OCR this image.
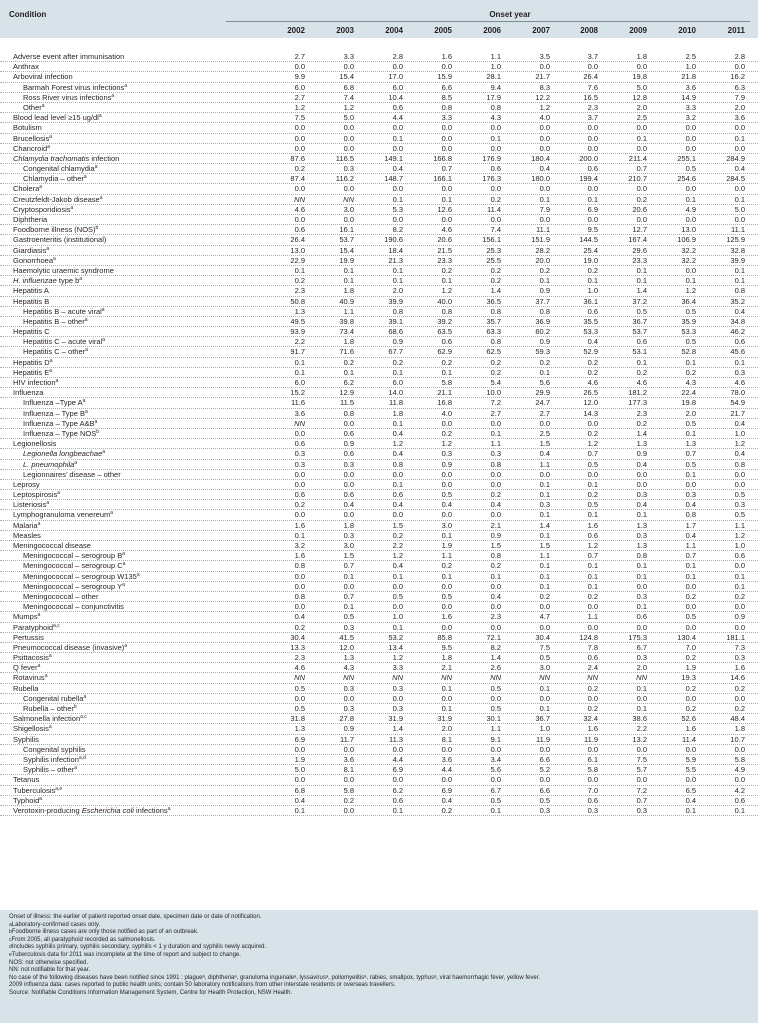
Condition	Onset year
2002	2003	2004	2005	2006	2007	2008	2009	2010	2011
Adverse event after immunisation	2.7	3.3	2.8	1.6	1.1	3.5	3.7	1.8	2.5	2.8
Anthrax	0.0	0.0	0.0	0.0	1.0	0.0	0.0	0.0	1.0	0.0
Arboviral infection	9.9	15.4	17.0	15.9	28.1	21.7	26.4	19.8	21.8	16.2
Barmah Forest virus infections$^a$	6.0	6.8	6.0	6.6	9.4	8.3	7.6	5.0	3.6	6.3
Ross River virus infections$^a$	2.7	7.4	10.4	8.5	17.9	12.2	16.5	12.8	14.9	7.9
Other$^a$	1.2	1.2	0.6	0.8	0.8	1.2	2.3	2.0	3.3	2.0
Blood lead level ≥15 $ug/dl^a$	7.5	5.0	4.4	3.3	4.3	4.0	3.7	2.5	3.2	3.6
Botulism	0.0	0.0	0.0	0.0	0.0	0.0	0.0	0.0	0.0	0.0
Brucellosis$^a$	0.0	0.0	0.1	0.0	0.1	0.0	0.0	0.1	0.0	0.1
Chancroid$^a$	0.0	0.0	0.0	0.0	0.0	0.0	0.0	0.0	0.0	0.0
Chlamydia trachomatis infection	87.6	116.5	149.1	166.8	176.9	180.4	200.0	211.4	255.1	284.9
Congenital chlamydia$^a$	0.2	0.3	0.4	0.7	0.6	0.4	0.6	0.7	0.5	0.4
Chlamydia – other$^a$	87.4	116.2	148.7	166.1	176.3	180.0	199.4	210.7	254.6	284.5
Cholera$^a$	0.0	0.0	0.0	0.0	0.0	0.0	0.0	0.0	0.0	0.0
Creutzfeldt-Jakob disease$^a$	NN	NN	0.1	0.1	0.2	0.1	0.1	0.2	0.1	0.1
Cryptosporidiosis$^a$	4.6	3.0	5.3	12.6	11.4	7.9	6.9	20.6	4.9	5.0
Diphtheria	0.0	0.0	0.0	0.0	0.0	0.0	0.0	0.0	0.0	0.0
Foodborne illness (NOS)$^b$	0.6	16.1	8.2	4.6	7.4	11.1	9.5	12.7	13.0	11.1
Gastroenteritis (institutional)	26.4	53.7	190.6	20.6	156.1	151.9	144.5	167.4	106.9	125.9
Giardiasis$^a$	13.0	15.4	18.4	21.5	25.3	28.2	25.4	29.6	32.2	32.8
Gonorrhoea$^a$	22.9	19.9	21.3	23.3	25.5	20.0	19.0	23.3	32.2	39.9
Haemolytic uraemic syndrome	0.1	0.1	0.1	0.2	0.2	0.2	0.2	0.1	0.0	0.1
H. influenzae type $b^a$	0.2	0.1	0.1	0.1	0.2	0.1	0.1	0.1	0.1	0.1
Hepatitis A	2.3	1.8	2.0	1.2	1.4	0.9	1.0	1.4	1.2	0.8
Hepatitis B	50.8	40.9	39.9	40.0	36.5	37.7	36.1	37.2	36.4	35.2
Hepatitis B – acute viral$^a$	1.3	1.1	0.8	0.8	0.8	0.8	0.6	0.5	0.5	0.4
Hepatitis B – other$^a$	49.5	39.8	39.1	39.2	35.7	36.9	35.5	36.7	35.9	34.8
Hepatitis C	93.9	73.4	68.6	63.5	63.3	60.2	53.3	53.7	53.3	46.2
Hepatitis C – acute viral$^a$	2.2	1.8	0.9	0.6	0.8	0.9	0.4	0.6	0.5	0.6
Hepatitis C – other$^a$	91.7	71.6	67.7	62.9	62.5	59.3	52.9	53.1	52.8	45.6
Hepatitis $D^a$	0.1	0.2	0.2	0.2	0.2	0.2	0.2	0.1	0.1	0.1
Hepatitis $E^a$	0.1	0.1	0.1	0.1	0.2	0.1	0.2	0.2	0.2	0.3
HIV infection$^a$	6.0	6.2	6.0	5.8	5.4	5.6	4.6	4.6	4.3	4.6
Influenza	15.2	12.9	14.0	21.1	10.0	29.9	26.5	181.2	22.4	78.0
Influenza –Type $A^a$	11.6	11.5	11.8	16.8	7.2	24.7	12.0	177.3	19.8	54.9
Influenza – Type $B^a$	3.6	0.8	1.8	4.0	2.7	2.7	14.3	2.3	2.0	21.7
Influenza – Type $A\&B^a$	NN	0.0	0.1	0.0	0.0	0.0	0.0	0.2	0.5	0.4
Influenza – Type NOS$^b$	0.0	0.6	0.4	0.2	0.1	2.5	0.2	1.4	0.1	1.0
Legionellosis	0.6	0.9	1.2	1.2	1.1	1.5	1.2	1.3	1.3	1.2
Legionella longbeachae$^a$	0.3	0.6	0.4	0.3	0.3	0.4	0.7	0.9	0.7	0.4
L. pneumophila$^a$	0.3	0.3	0.8	0.9	0.8	1.1	0.5	0.4	0.5	0.8
Legionnaires’ disease – other	0.0	0.0	0.0	0.0	0.0	0.0	0.0	0.0	0.1	0.0
Leprosy	0.0	0.0	0.1	0.0	0.0	0.1	0.1	0.0	0.0	0.0
Leptospirosis$^a$	0.6	0.6	0.6	0.5	0.2	0.1	0.2	0.3	0.3	0.5
Listeriosis$^a$	0.2	0.4	0.4	0.4	0.4	0.3	0.5	0.4	0.4	0.3
Lymphogranuloma venereum$^a$	0.0	0.0	0.0	0.0	0.0	0.1	0.1	0.1	0.8	0.5
Malaria$^a$	1.6	1.8	1.5	3.0	2.1	1.4	1.6	1.3	1.7	1.1
Measles	0.1	0.3	0.2	0.1	0.9	0.1	0.6	0.3	0.4	1.2
Meningococcal disease	3.2	3.0	2.2	1.9	1.5	1.5	1.2	1.3	1.1	1.0
Meningococcal – serogroup $B^a$	1.6	1.5	1.2	1.1	0.8	1.1	0.7	0.8	0.7	0.6
Meningococcal – serogroup $C^a$	0.8	0.7	0.4	0.2	0.2	0.1	0.1	0.1	0.1	0.0
Meningococcal – serogroup W135$^a$	0.0	0.1	0.1	0.1	0.1	0.1	0.1	0.1	0.1	0.1
Meningococcal – serogroup $Y^a$	0.0	0.0	0.0	0.0	0.0	0.1	0.1	0.0	0.0	0.1
Meningococcal – other	0.8	0.7	0.5	0.5	0.4	0.2	0.2	0.3	0.2	0.2
Meningococcal – conjunctivitis	0.0	0.1	0.0	0.0	0.0	0.0	0.0	0.1	0.0	0.0
Mumps$^a$	0.4	0.5	1.0	1.6	2.3	4.7	1.1	0.6	0.5	0.9
Paratyphoid$^{a,c}$	0.2	0.3	0.1	0.0	0.0	0.0	0.0	0.0	0.0	0.0
Pertussis	30.4	41.5	53.2	85.8	72.1	30.4	124.8	175.3	130.4	181.1
Pneumococcal disease (invasive)$^a$	13.3	12.0	13.4	9.5	8.2	7.5	7.8	6.7	7.0	7.3
Psittacosis$^a$	2.3	1.3	1.2	1.8	1.4	0.5	0.6	0.3	0.2	0.3
Q fever$^a$	4.6	4.3	3.3	2.1	2.6	3.0	2.4	2.0	1.9	1.6
Rotavirus$^a$	NN	NN	NN	NN	NN	NN	NN	NN	19.3	14.6
Rubella	0.5	0.3	0.3	0.1	0.5	0.1	0.2	0.1	0.2	0.2
Congenital rubella$^a$	0.0	0.0	0.0	0.0	0.0	0.0	0.0	0.0	0.0	0.0
Rubella – other$^b$	0.5	0.3	0.3	0.1	0.5	0.1	0.2	0.1	0.2	0.2
Salmonella infection$^{a,c}$	31.8	27.8	31.9	31.9	30.1	36.7	32.4	38.6	52.6	48.4
Shigellosis$^a$	1.3	0.9	1.4	2.0	1.1	1.0	1.6	2.2	1.6	1.8
Syphilis	6.9	11.7	11.3	8.1	9.1	11.9	11.9	13.2	11.4	10.7
Congenital syphilis	0.0	0.0	0.0	0.0	0.0	0.0	0.0	0.0	0.0	0.0
Syphilis infection$^{a,d}$	1.9	3.6	4.4	3.6	3.4	6.6	6.1	7.5	5.9	5.8
Syphilis – other$^a$	5.0	8.1	6.9	4.4	5.6	5.2	5.8	5.7	5.5	4.9
Tetanus	0.0	0.0	0.0	0.0	0.0	0.0	0.0	0.0	0.0	0.0
Tuberculosis$^{a,e}$	6.8	5.8	6.2	6.9	6.7	6.6	7.0	7.2	6.5	4.2
Typhoid$^a$	0.4	0.2	0.6	0.4	0.5	0.5	0.6	0.7	0.4	0.6
Verotoxin-producing Escherichia coli infections$^a$	0.1	0.0	0.1	0.2	0.1	0.3	0.3	0.3	0.1	0.1

Onset of illness: the earlier of patient reported onset date, specimen date or date of notification.

$^a$Laboratory-confirmed cases only.

$^b$Foodborne illness cases are only those notified as part of an outbreak.

$^c$From 2005, all paratyphoid recorded as salmonellosis.

$^d$Includes syphilis primary, syphilis secondary, syphilis < 1 y duration and syphilis newly acquired.

$^e$Tuberculosis data for 2011 was incomplete at the time of report and subject to change.

NOS: not otherwise specified.

NN: not notifiable for that year.

No case of the following diseases have been notified since 1991 : plagueᵃ, diphtheriaᵃ, granuloma inguinaleᵃ, lyssavirusᵃ, poliomyelitisᵃ, rabies, smallpox, typhusᵃ, viral haemorrhagic fever, yellow fever.

2009 influenza data: cases reported to public health units; contain 50 laboratory notifications from other interstate residents or overseas travellers.

Source: Notifiable Conditions Information Management System, Centre for Health Protection, NSW Health.
